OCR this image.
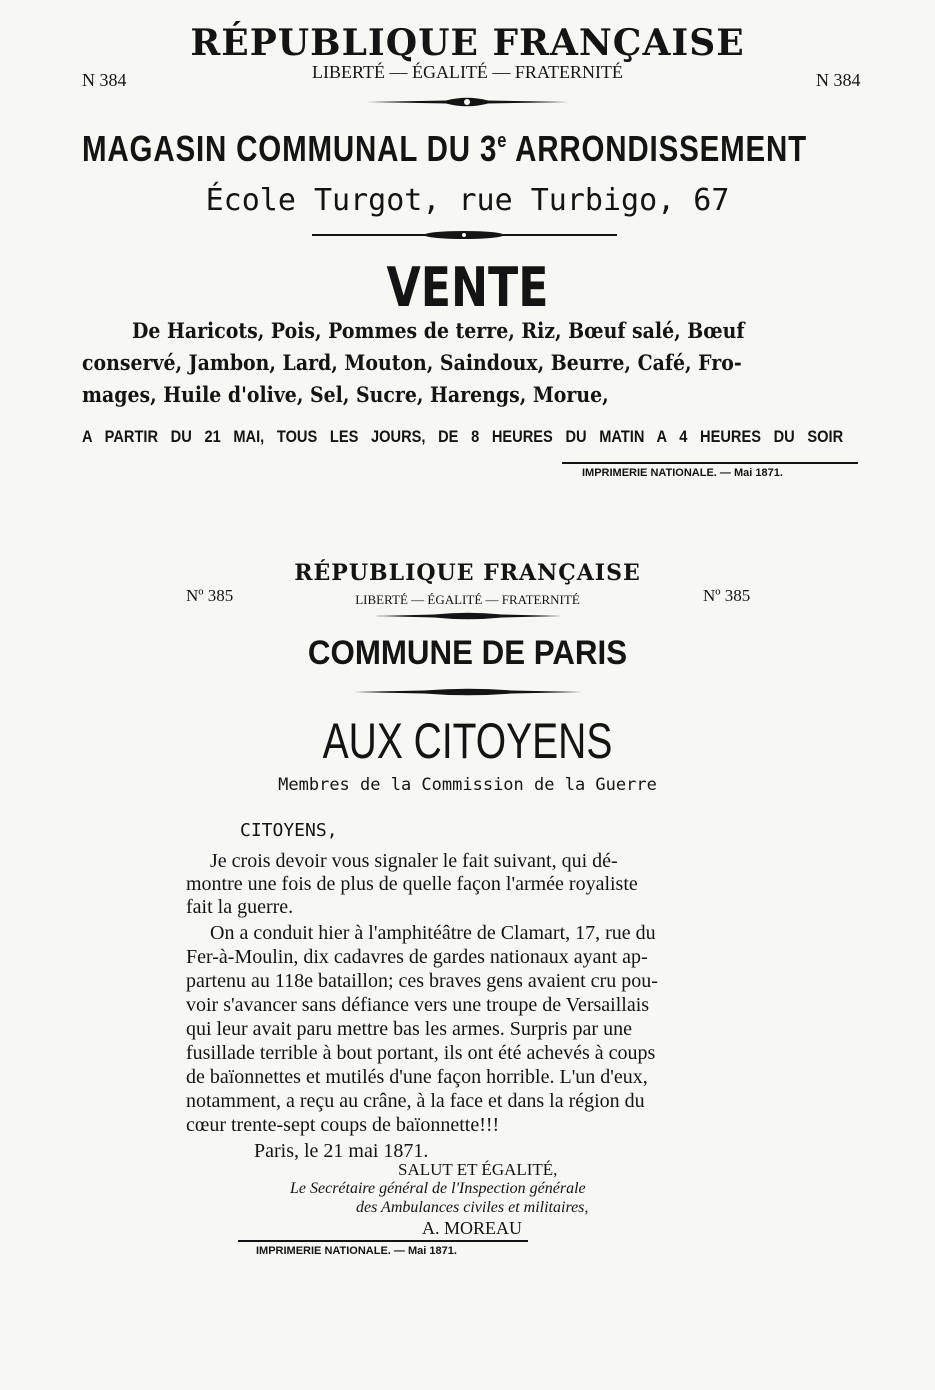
RÉPUBLIQUE FRANÇAISE
LIBERTÉ — ÉGALITÉ — FRATERNITÉ
N 384	N 384
MAGASIN COMMUNAL DU 3e ARRONDISSEMENT
École Turgot, rue Turbigo, 67
VENTE
De Haricots, Pois, Pommes de terre, Riz, Bœuf salé, Bœuf
conservé, Jambon, Lard, Mouton, Saindoux, Beurre, Café, Fro-
mages, Huile d'olive, Sel, Sucre, Harengs, Morue,
A PARTIR DU 21 MAI, TOUS LES JOURS, DE 8 HEURES DU MATIN A 4 HEURES DU SOIR
IMPRIMERIE NATIONALE. — Mai 1871.
RÉPUBLIQUE FRANÇAISE
LIBERTÉ — ÉGALITÉ — FRATERNITÉ
Nº 385	Nº 385
COMMUNE DE PARIS
AUX CITOYENS
Membres de la Commission de la Guerre
CITOYENS,
Je crois devoir vous signaler le fait suivant, qui dé-
montre une fois de plus de quelle façon l'armée royaliste
fait la guerre.
On a conduit hier à l'amphitéâtre de Clamart, 17, rue du
Fer-à-Moulin, dix cadavres de gardes nationaux ayant ap-
partenu au 118e bataillon; ces braves gens avaient cru pou-
voir s'avancer sans défiance vers une troupe de Versaillais
qui leur avait paru mettre bas les armes. Surpris par une
fusillade terrible à bout portant, ils ont été achevés à coups
de baïonnettes et mutilés d'une façon horrible. L'un d'eux,
notamment, a reçu au crâne, à la face et dans la région du
cœur trente-sept coups de baïonnette!!!
Paris, le 21 mai 1871.
SALUT ET ÉGALITÉ,
Le Secrétaire général de l'Inspection générale
des Ambulances civiles et militaires,
A. MOREAU
IMPRIMERIE NATIONALE. — Mai 1871.
